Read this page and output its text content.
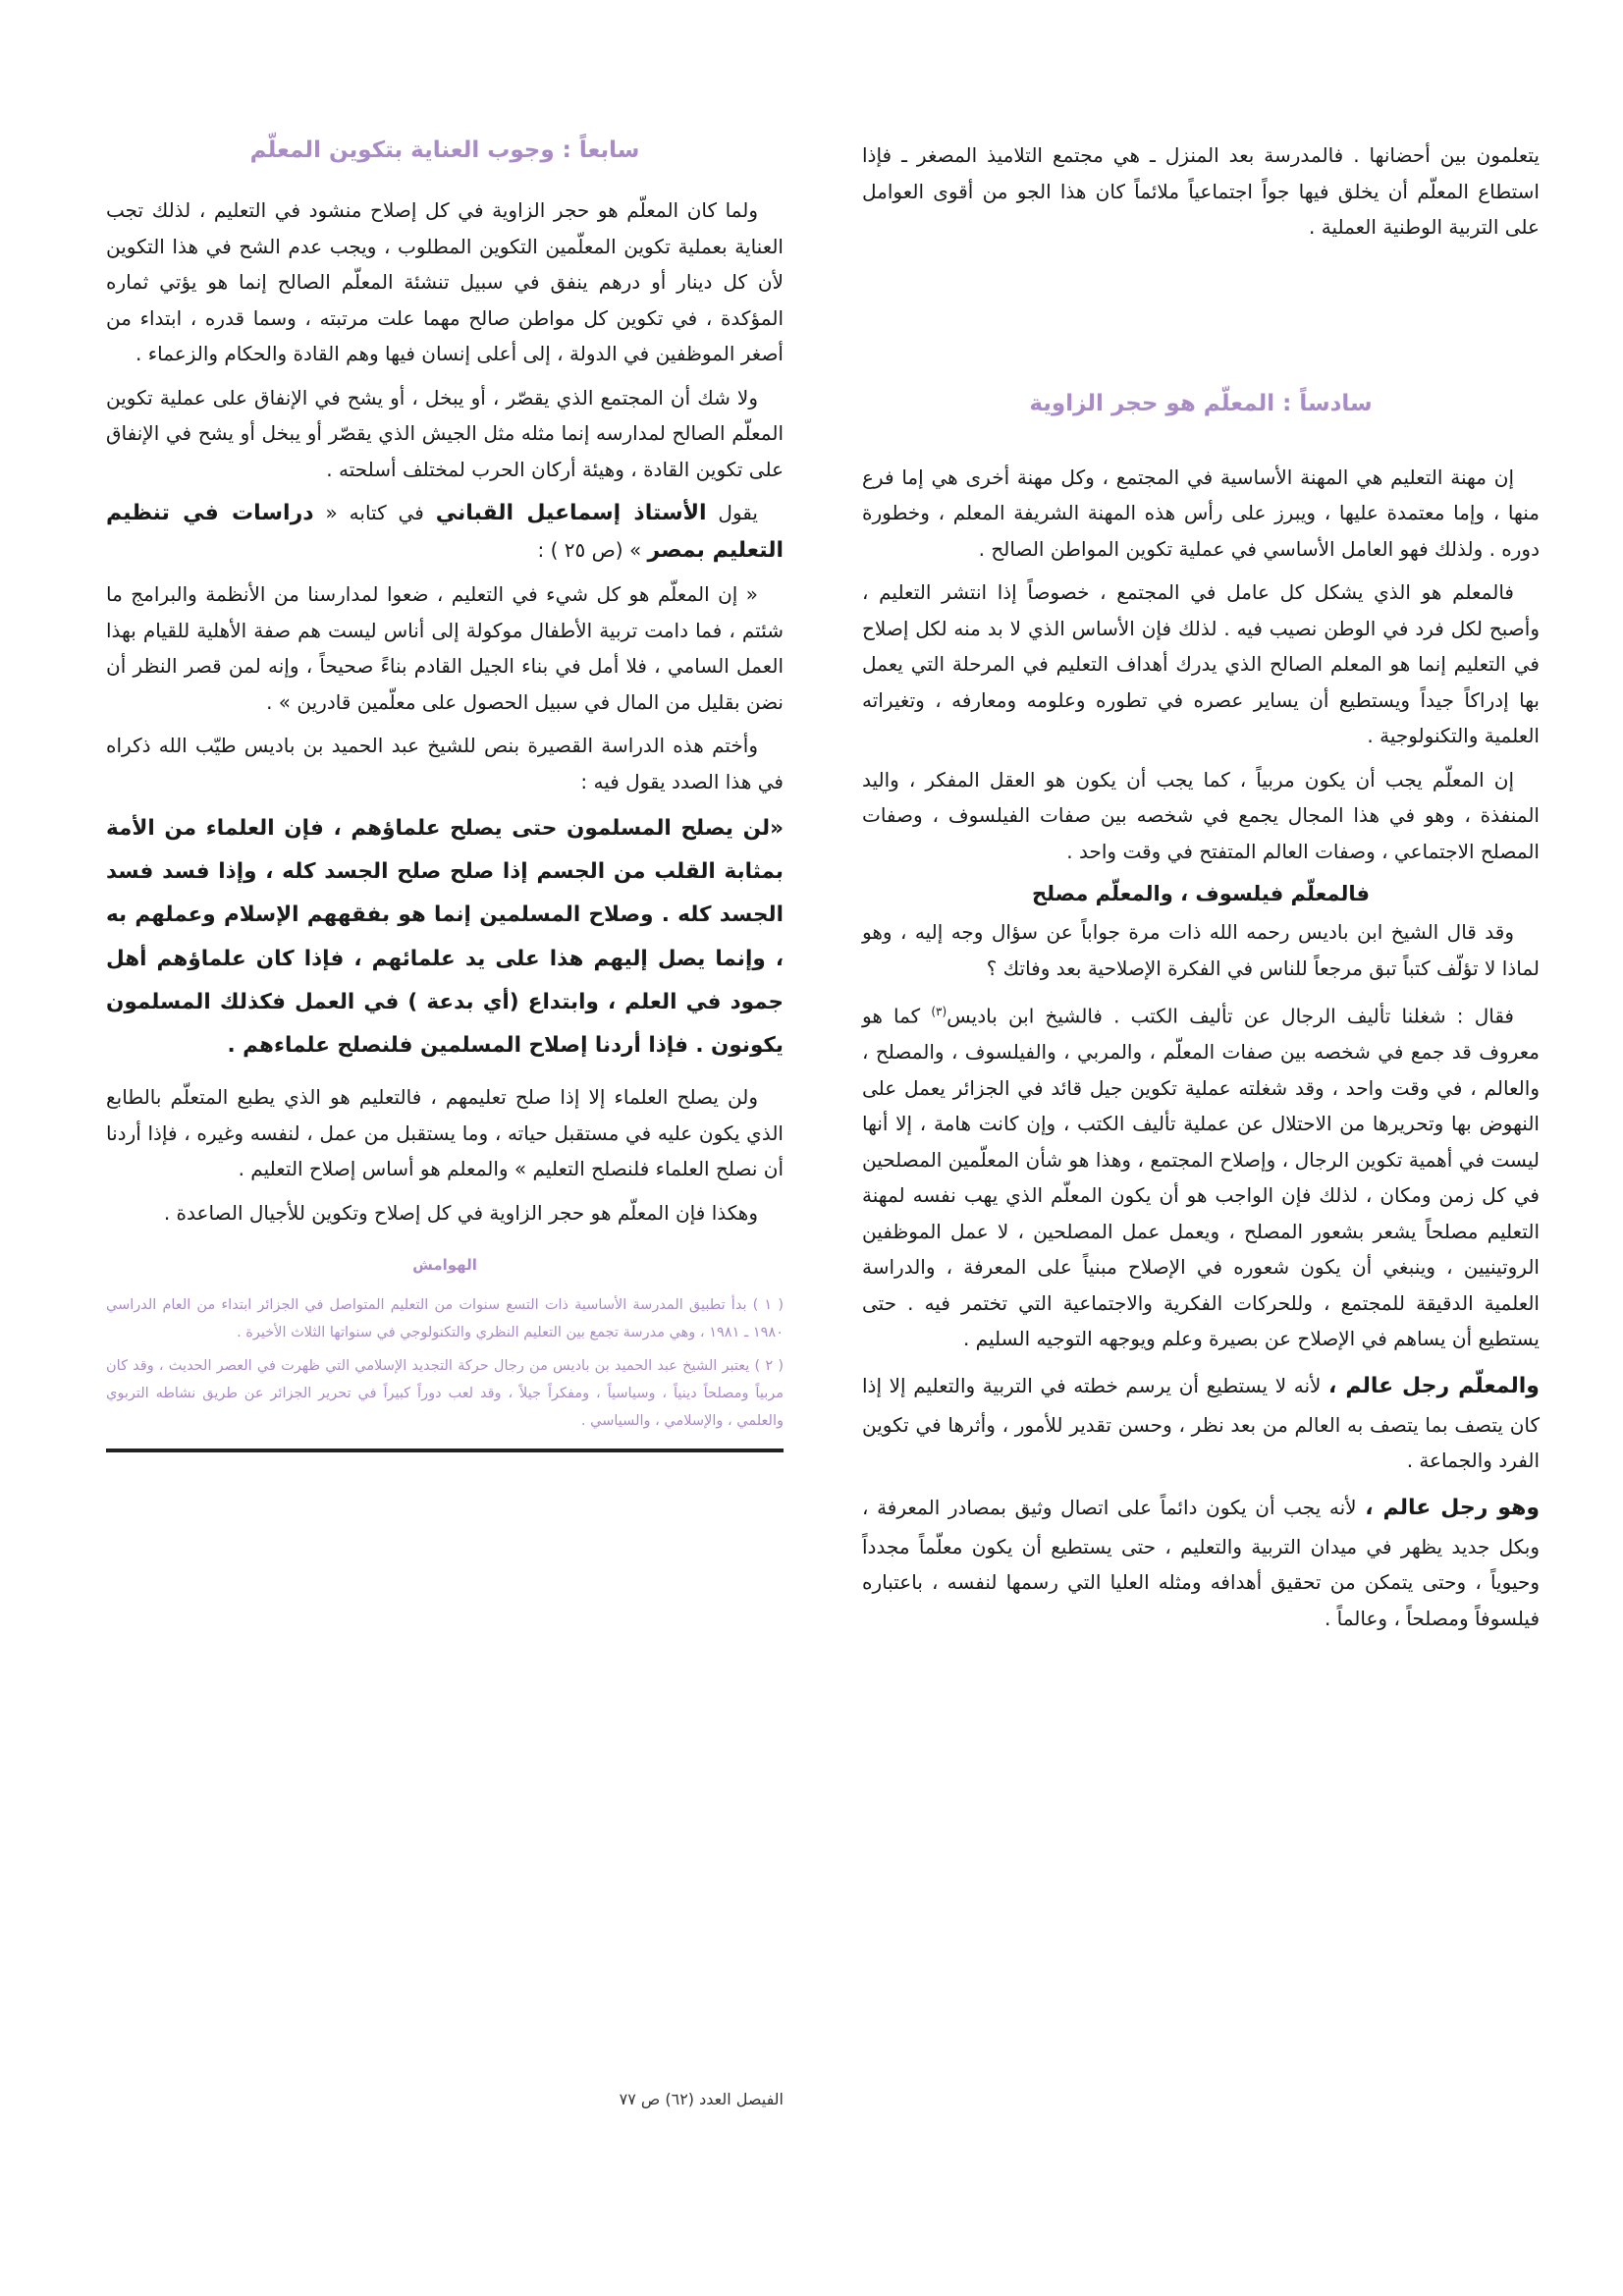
يتعلمون بين أحضانها . فالمدرسة بعد المنزل ـ هي مجتمع التلاميذ المصغر ـ فإذا استطاع المعلّم أن يخلق فيها جواً اجتماعياً ملائماً كان هذا الجو من أقوى العوامل على التربية الوطنية العملية .

سادساً : المعلّم هو حجر الزاوية

إن مهنة التعليم هي المهنة الأساسية في المجتمع ، وكل مهنة أخرى هي إما فرع منها ، وإما معتمدة عليها ، ويبرز على رأس هذه المهنة الشريفة المعلم ، وخطورة دوره . ولذلك فهو العامل الأساسي في عملية تكوين المواطن الصالح .

فالمعلم هو الذي يشكل كل عامل في المجتمع ، خصوصاً إذا انتشر التعليم ، وأصبح لكل فرد في الوطن نصيب فيه . لذلك فإن الأساس الذي لا بد منه لكل إصلاح في التعليم إنما هو المعلم الصالح الذي يدرك أهداف التعليم في المرحلة التي يعمل بها إدراكاً جيداً ويستطيع أن يساير عصره في تطوره وعلومه ومعارفه ، وتغيراته العلمية والتكنولوجية .

إن المعلّم يجب أن يكون مربياً ، كما يجب أن يكون هو العقل المفكر ، واليد المنفذة ، وهو في هذا المجال يجمع في شخصه بين صفات الفيلسوف ، وصفات المصلح الاجتماعي ، وصفات العالم المتفتح في وقت واحد .

فالمعلّم فيلسوف ، والمعلّم مصلح

وقد قال الشيخ ابن باديس رحمه الله ذات مرة جواباً عن سؤال وجه إليه ، وهو لماذا لا تؤلّف كتباً تبق مرجعاً للناس في الفكرة الإصلاحية بعد وفاتك ؟

فقال : شغلنا تأليف الرجال عن تأليف الكتب . فالشيخ ابن باديس$^{(٣)}$ كما هو معروف قد جمع في شخصه بين صفات المعلّم ، والمربي ، والفيلسوف ، والمصلح ، والعالم ، في وقت واحد ، وقد شغلته عملية تكوين جيل قائد في الجزائر يعمل على النهوض بها وتحريرها من الاحتلال عن عملية تأليف الكتب ، وإن كانت هامة ، إلا أنها ليست في أهمية تكوين الرجال ، وإصلاح المجتمع ، وهذا هو شأن المعلّمين المصلحين في كل زمن ومكان ، لذلك فإن الواجب هو أن يكون المعلّم الذي يهب نفسه لمهنة التعليم مصلحاً يشعر بشعور المصلح ، ويعمل عمل المصلحين ، لا عمل الموظفين الروتينيين ، وينبغي أن يكون شعوره في الإصلاح مبنياً على المعرفة ، والدراسة العلمية الدقيقة للمجتمع ، وللحركات الفكرية والاجتماعية التي تختمر فيه . حتى يستطيع أن يساهم في الإصلاح عن بصيرة وعلم ويوجهه التوجيه السليم .

والمعلّم رجل عالم ، لأنه لا يستطيع أن يرسم خطته في التربية والتعليم إلا إذا كان يتصف بما يتصف به العالم من بعد نظر ، وحسن تقدير للأمور ، وأثرها في تكوين الفرد والجماعة .

وهو رجل عالم ، لأنه يجب أن يكون دائماً على اتصال وثيق بمصادر المعرفة ، وبكل جديد يظهر في ميدان التربية والتعليم ، حتى يستطيع أن يكون معلّماً مجدداً وحيوياً ، وحتى يتمكن من تحقيق أهدافه ومثله العليا التي رسمها لنفسه ، باعتباره فيلسوفاً ومصلحاً ، وعالماً .

سابعاً : وجوب العناية بتكوين المعلّم

ولما كان المعلّم هو حجر الزاوية في كل إصلاح منشود في التعليم ، لذلك تجب العناية بعملية تكوين المعلّمين التكوين المطلوب ، ويجب عدم الشح في هذا التكوين لأن كل دينار أو درهم ينفق في سبيل تنشئة المعلّم الصالح إنما هو يؤتي ثماره المؤكدة ، في تكوين كل مواطن صالح مهما علت مرتبته ، وسما قدره ، ابتداء من أصغر الموظفين في الدولة ، إلى أعلى إنسان فيها وهم القادة والحكام والزعماء .

ولا شك أن المجتمع الذي يقصّر ، أو يبخل ، أو يشح في الإنفاق على عملية تكوين المعلّم الصالح لمدارسه إنما مثله مثل الجيش الذي يقصّر أو يبخل أو يشح في الإنفاق على تكوين القادة ، وهيئة أركان الحرب لمختلف أسلحته .

يقول الأستاذ إسماعيل القباني في كتابه « دراسات في تنظيم التعليم بمصر » (ص ٢٥ ) :

« إن المعلّم هو كل شيء في التعليم ، ضعوا لمدارسنا من الأنظمة والبرامج ما شئتم ، فما دامت تربية الأطفال موكولة إلى أناس ليست هم صفة الأهلية للقيام بهذا العمل السامي ، فلا أمل في بناء الجيل القادم بناءً صحيحاً ، وإنه لمن قصر النظر أن نضن بقليل من المال في سبيل الحصول على معلّمين قادرين » .

وأختم هذه الدراسة القصيرة بنص للشيخ عبد الحميد بن باديس طيّب الله ذكراه في هذا الصدد يقول فيه :

«لن يصلح المسلمون حتى يصلح علماؤهم ، فإن العلماء من الأمة بمثابة القلب من الجسم إذا صلح صلح الجسد كله ، وإذا فسد فسد الجسد كله . وصلاح المسلمين إنما هو بفقههم الإسلام وعملهم به ، وإنما يصل إليهم هذا على يد علمائهم ، فإذا كان علماؤهم أهل جمود في العلم ، وابتداع (أي بدعة ) في العمل فكذلك المسلمون يكونون . فإذا أردنا إصلاح المسلمين فلنصلح علماءهم .

ولن يصلح العلماء إلا إذا صلح تعليمهم ، فالتعليم هو الذي يطبع المتعلّم بالطابع الذي يكون عليه في مستقبل حياته ، وما يستقبل من عمل ، لنفسه وغيره ، فإذا أردنا أن نصلح العلماء فلنصلح التعليم » والمعلم هو أساس إصلاح التعليم .

وهكذا فإن المعلّم هو حجر الزاوية في كل إصلاح وتكوين للأجيال الصاعدة .

الهوامش

( ١ ) بدأ تطبيق المدرسة الأساسية ذات التسع سنوات من التعليم المتواصل في الجزائر ابتداء من العام الدراسي ١٩٨٠ ـ ١٩٨١ ، وهي مدرسة تجمع بين التعليم النظري والتكنولوجي في سنواتها الثلاث الأخيرة .

( ٢ ) يعتبر الشيخ عبد الحميد بن باديس من رجال حركة التجديد الإسلامي التي ظهرت في العصر الحديث ، وقد كان مربياً ومصلحاً دينياً ، وسياسياً ، ومفكراً جيلاً ، وقد لعب دوراً كبيراً في تحرير الجزائر عن طريق نشاطه التربوي والعلمي ، والإسلامي ، والسياسي .

الفيصل العدد (٦٢) ص ٧٧
